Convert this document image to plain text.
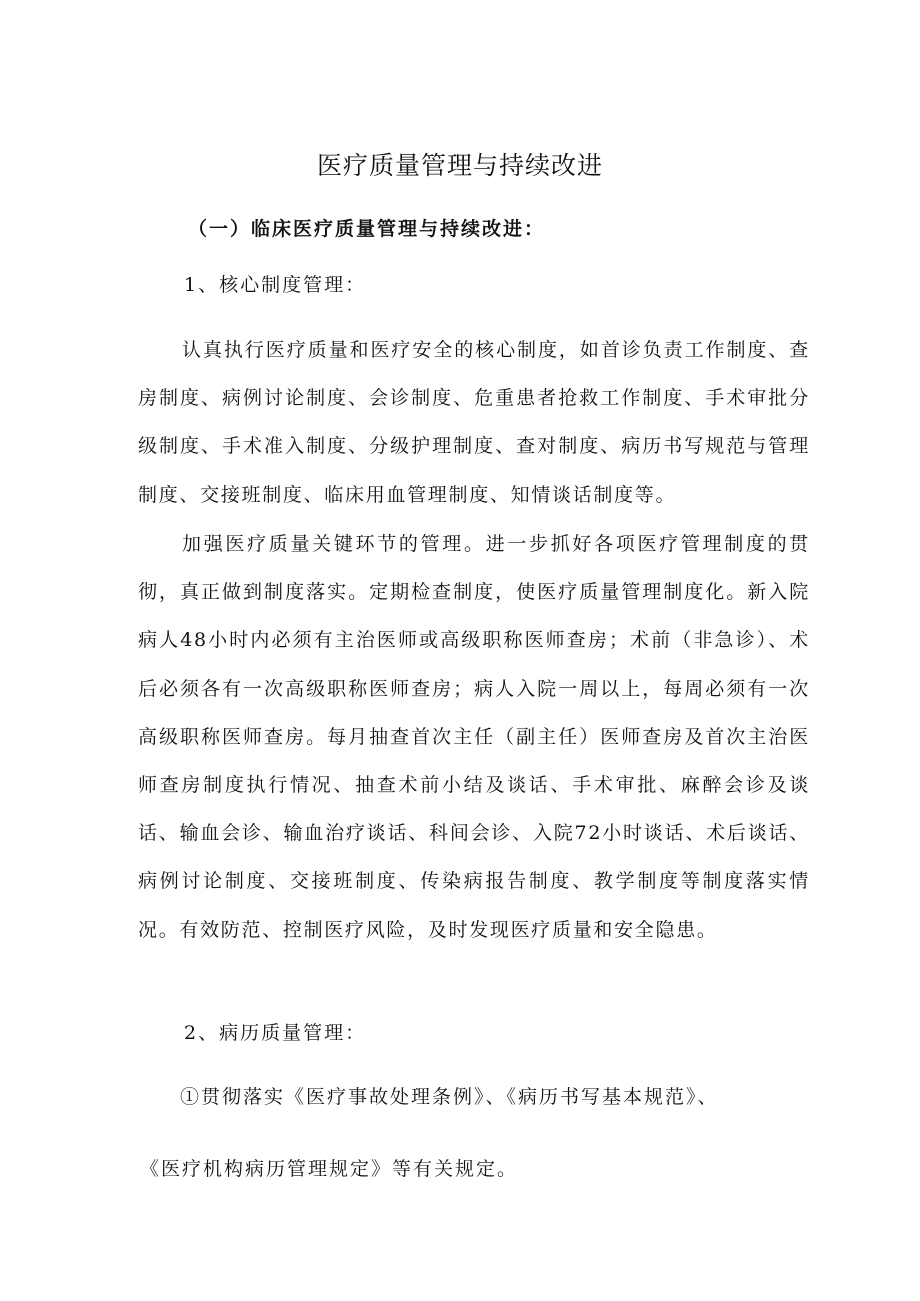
医疗质量管理与持续改进
（一）临床医疗质量管理与持续改进：

1、核心制度管理：

认真执行医疗质量和医疗安全的核心制度，如首诊负责工作制度、查房制度、病例讨论制度、会诊制度、危重患者抢救工作制度、手术审批分级制度、手术准入制度、分级护理制度、查对制度、病历书写规范与管理制度、交接班制度、临床用血管理制度、知情谈话制度等。

加强医疗质量关键环节的管理。进一步抓好各项医疗管理制度的贯彻，真正做到制度落实。定期检查制度，使医疗质量管理制度化。新入院病人48小时内必须有主治医师或高级职称医师查房；术前（非急诊）、术后必须各有一次高级职称医师查房；病人入院一周以上，每周必须有一次高级职称医师查房。每月抽查首次主任（副主任）医师查房及首次主治医师查房制度执行情况、抽查术前小结及谈话、手术审批、麻醉会诊及谈话、输血会诊、输血治疗谈话、科间会诊、入院72小时谈话、术后谈话、病例讨论制度、交接班制度、传染病报告制度、教学制度等制度落实情况。有效防范、控制医疗风险，及时发现医疗质量和安全隐患。

2、病历质量管理：

①贯彻落实《医疗事故处理条例》、《病历书写基本规范》、

《医疗机构病历管理规定》等有关规定。
